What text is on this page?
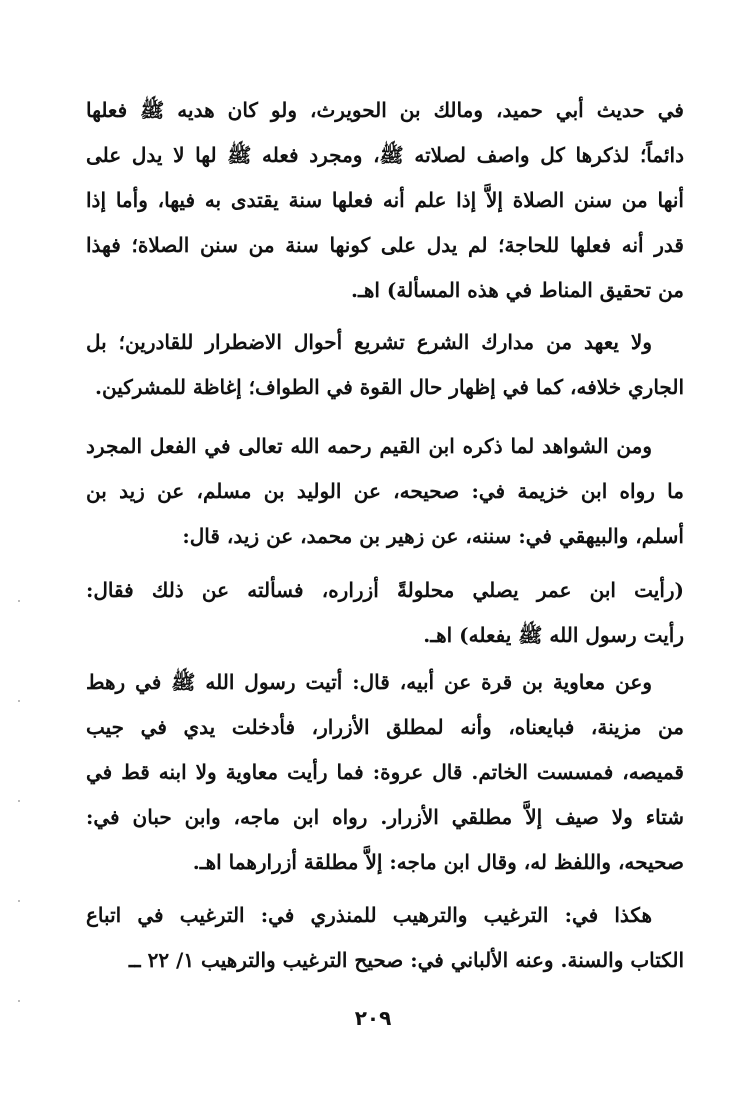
في حديث أبي حميد، ومالك بن الحويرث، ولو كان هديه ﷺ فعلها
دائماً؛ لذكرها كل واصف لصلاته ﷺ، ومجرد فعله ﷺ لها لا يدل على
أنها من سنن الصلاة إلاَّ إذا علم أنه فعلها سنة يقتدى به فيها، وأما إذا
قدر أنه فعلها للحاجة؛ لم يدل على كونها سنة من سنن الصلاة؛ فهذا
من تحقيق المناط في هذه المسألة) اهـ.
ولا يعهد من مدارك الشرع تشريع أحوال الاضطرار للقادرين؛ بل
الجاري خلافه، كما في إظهار حال القوة في الطواف؛ إغاظة للمشركين.
ومن الشواهد لما ذكره ابن القيم رحمه الله تعالى في الفعل المجرد
ما رواه ابن خزيمة في: صحيحه، عن الوليد بن مسلم، عن زيد بن
أسلم، والبيهقي في: سننه، عن زهير بن محمد، عن زيد، قال:
(رأيت ابن عمر يصلي محلولةً أزراره، فسألته عن ذلك فقال:
رأيت رسول الله ﷺ يفعله) اهـ.
وعن معاوية بن قرة عن أبيه، قال: أتيت رسول الله ﷺ في رهط
من مزينة، فبايعناه، وأنه لمطلق الأزرار، فأدخلت يدي في جيب
قميصه، فمسست الخاتم. قال عروة: فما رأيت معاوية ولا ابنه قط في
شتاء ولا صيف إلاَّ مطلقي الأزرار. رواه ابن ماجه، وابن حبان في:
صحيحه، واللفظ له، وقال ابن ماجه: إلاَّ مطلقة أزرارهما اهـ.
هكذا في: الترغيب والترهيب للمنذري في: الترغيب في اتباع
الكتاب والسنة. وعنه الألباني في: صحيح الترغيب والترهيب ١/ ٢٢ ــ
٢٠٩
